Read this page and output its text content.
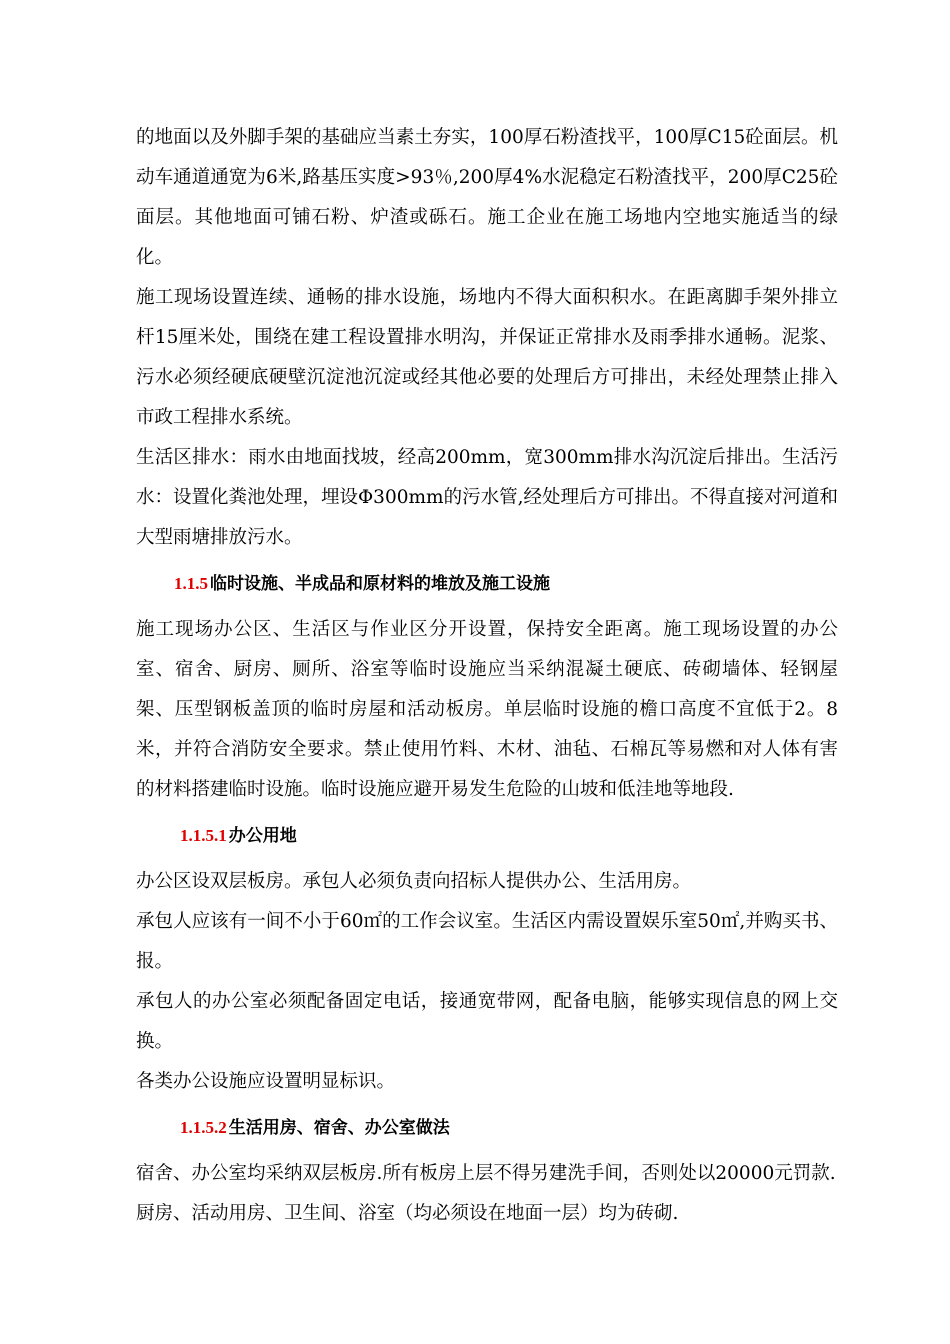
的地面以及外脚手架的基础应当素土夯实，100厚石粉渣找平，100厚C15砼面层。机动车通道通宽为6米,路基压实度>93％,200厚4%水泥稳定石粉渣找平，200厚C25砼面层。其他地面可铺石粉、炉渣或砾石。施工企业在施工场地内空地实施适当的绿化。

施工现场设置连续、通畅的排水设施，场地内不得大面积积水。在距离脚手架外排立杆15厘米处，围绕在建工程设置排水明沟，并保证正常排水及雨季排水通畅。泥浆、污水必须经硬底硬壁沉淀池沉淀或经其他必要的处理后方可排出，未经处理禁止排入市政工程排水系统。

生活区排水：雨水由地面找坡，经高200mm，宽300mm排水沟沉淀后排出。生活污水：设置化粪池处理，埋设Φ300mm的污水管,经处理后方可排出。不得直接对河道和大型雨塘排放污水。

1.1.5 临时设施、半成品和原材料的堆放及施工设施

施工现场办公区、生活区与作业区分开设置，保持安全距离。施工现场设置的办公室、宿舍、厨房、厕所、浴室等临时设施应当采纳混凝土硬底、砖砌墙体、轻钢屋架、压型钢板盖顶的临时房屋和活动板房。单层临时设施的檐口高度不宜低于2。8米，并符合消防安全要求。禁止使用竹料、木材、油毡、石棉瓦等易燃和对人体有害的材料搭建临时设施。临时设施应避开易发生危险的山坡和低洼地等地段.

1.1.5.1 办公用地

办公区设双层板房。承包人必须负责向招标人提供办公、生活用房。

承包人应该有一间不小于60㎡的工作会议室。生活区内需设置娱乐室50㎡,并购买书、报。

承包人的办公室必须配备固定电话，接通宽带网，配备电脑，能够实现信息的网上交换。

各类办公设施应设置明显标识。

1.1.5.2 生活用房、宿舍、办公室做法

宿舍、办公室均采纳双层板房.所有板房上层不得另建洗手间，否则处以20000元罚款.

厨房、活动用房、卫生间、浴室（均必须设在地面一层）均为砖砌.
